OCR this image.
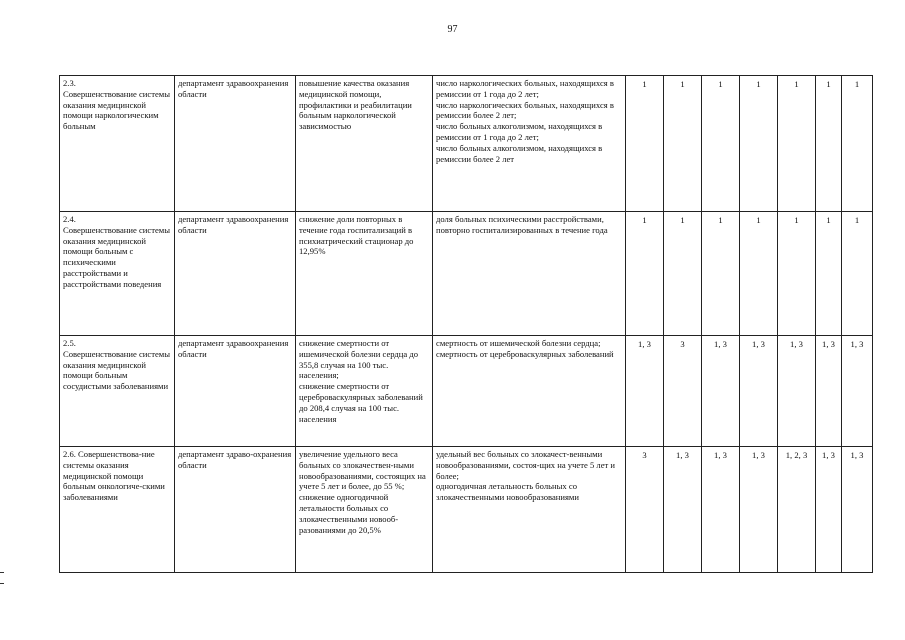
97
2.3.
Совершенствование системы оказания медицинской помощи наркологическим больным	департамент здравоохранения области	повышение качества оказания медицинской помощи, профилактики и реабилитации больным наркологической зависимостью	число наркологических больных, находящихся в ремиссии от 1 года до 2 лет;
число наркологических больных, находящихся в ремиссии более 2 лет;
число больных алкоголизмом, находящихся в ремиссии от 1 года до 2 лет;
число больных алкоголизмом, находящихся в ремиссии более 2 лет	1	1	1	1	1	1	1
2.4.
Совершенствование системы оказания медицинской помощи больным с психическими расстройствами и расстройствами поведения	департамент здравоохранения области	снижение доли повторных в течение года госпитализаций в психиатрический стационар до 12,95%	доля больных психическими расстройствами, повторно госпитализированных в течение года	1	1	1	1	1	1	1
2.5.
Совершенствование системы оказания медицинской помощи больным сосудистыми заболеваниями	департамент здравоохранения области	снижение смертности от ишемической болезни сердца до 355,8 случая на 100 тыс. населения;
снижение смертности от цереброваскулярных заболеваний до 208,4 случая на 100 тыс. населения	смертность от ишемической болезни сердца;
смертность от цереброваскулярных заболеваний	1, 3	3	1, 3	1, 3	1, 3	1, 3	1, 3
2.6. Совершенствова-ние системы оказания медицинской помощи больным онкологиче-скими заболеваниями	департамент здраво-охранения области	увеличение удельного веса больных со злокачествен-ными новообразованиями, состоящих на учете 5 лет и более, до 55 %;
снижение одногодичной летальности больных со злокачественными новооб-разованиями до 20,5%	удельный вес больных со злокачест-венными новообразованиями, состоя-щих на учете 5 лет и более;
одногодичная летальность больных со злокачественными новообразованиями	3	1, 3	1, 3	1, 3	1, 2, 3	1, 3	1, 3
